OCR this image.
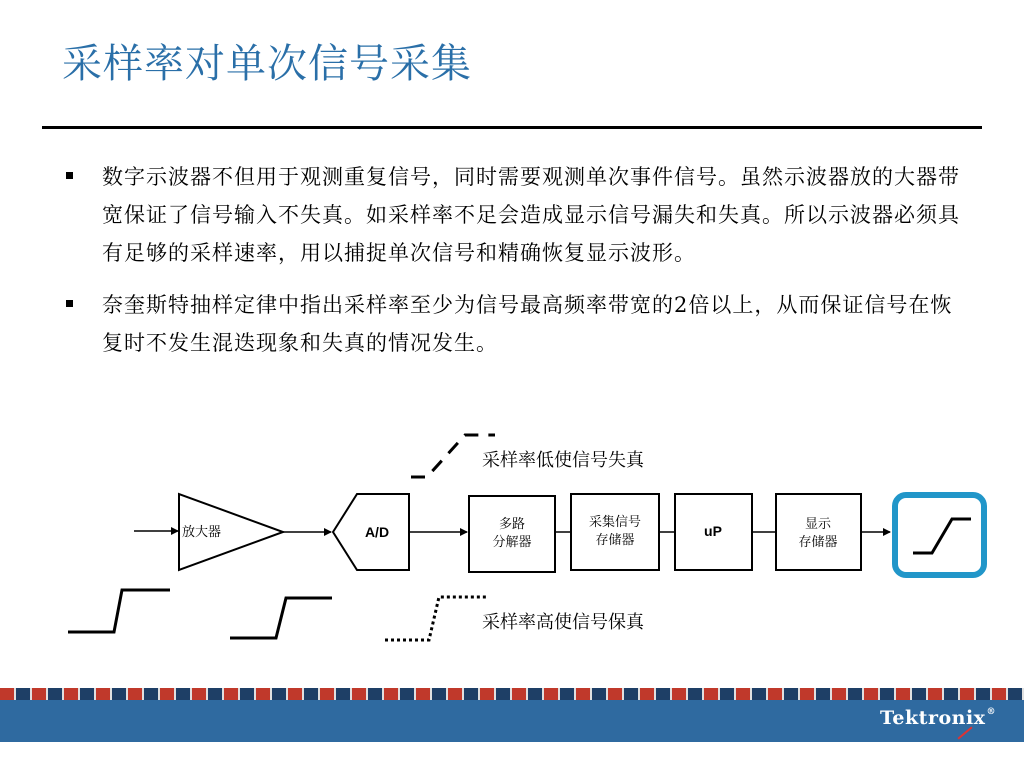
采样率对单次信号采集
数字示波器不但用于观测重复信号，同时需要观测单次事件信号。虽然示波器放的大器带宽保证了信号输入不失真。如采样率不足会造成显示信号漏失和失真。所以示波器必须具有足够的采样速率，用以捕捉单次信号和精确恢复显示波形。
奈奎斯特抽样定律中指出采样率至少为信号最高频率带宽的2倍以上，从而保证信号在恢复时不发生混迭现象和失真的情况发生。
放大器	A/D	多路
分解器
采集信号
存储器
uP	显示
存储器
采样率低使信号失真
采样率高使信号保真
Tektronix®
